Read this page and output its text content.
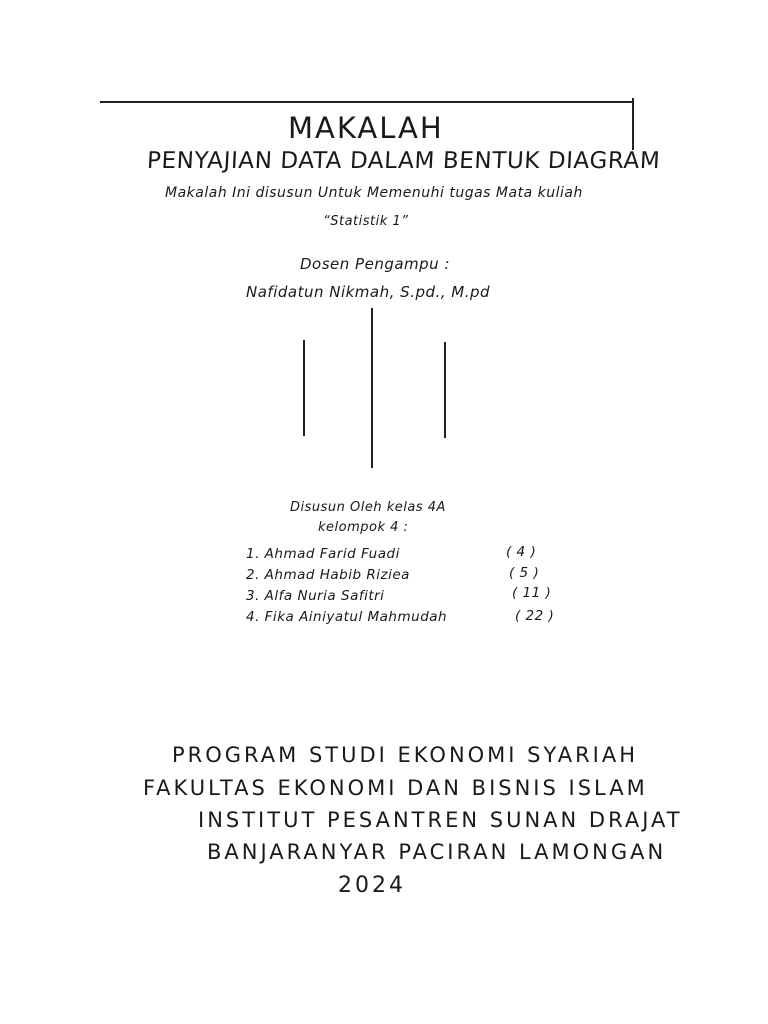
MAKALAH
PENYAJIAN DATA DALAM BENTUK DIAGRAM
Makalah Ini disusun Untuk Memenuhi tugas Mata kuliah
“Statistik 1”
Dosen Pengampu :
Nafidatun Nikmah, S.pd., M.pd
Disusun Oleh kelas 4A
kelompok 4 :
1. Ahmad Farid Fuadi	( 4 )
2. Ahmad Habib Riziea	( 5 )
3. Alfa Nuria Safitri	( 11 )
4. Fika Ainiyatul Mahmudah	( 22 )
PROGRAM STUDI EKONOMI SYARIAH
FAKULTAS EKONOMI DAN BISNIS ISLAM
INSTITUT PESANTREN SUNAN DRAJAT
BANJARANYAR PACIRAN LAMONGAN
2024
